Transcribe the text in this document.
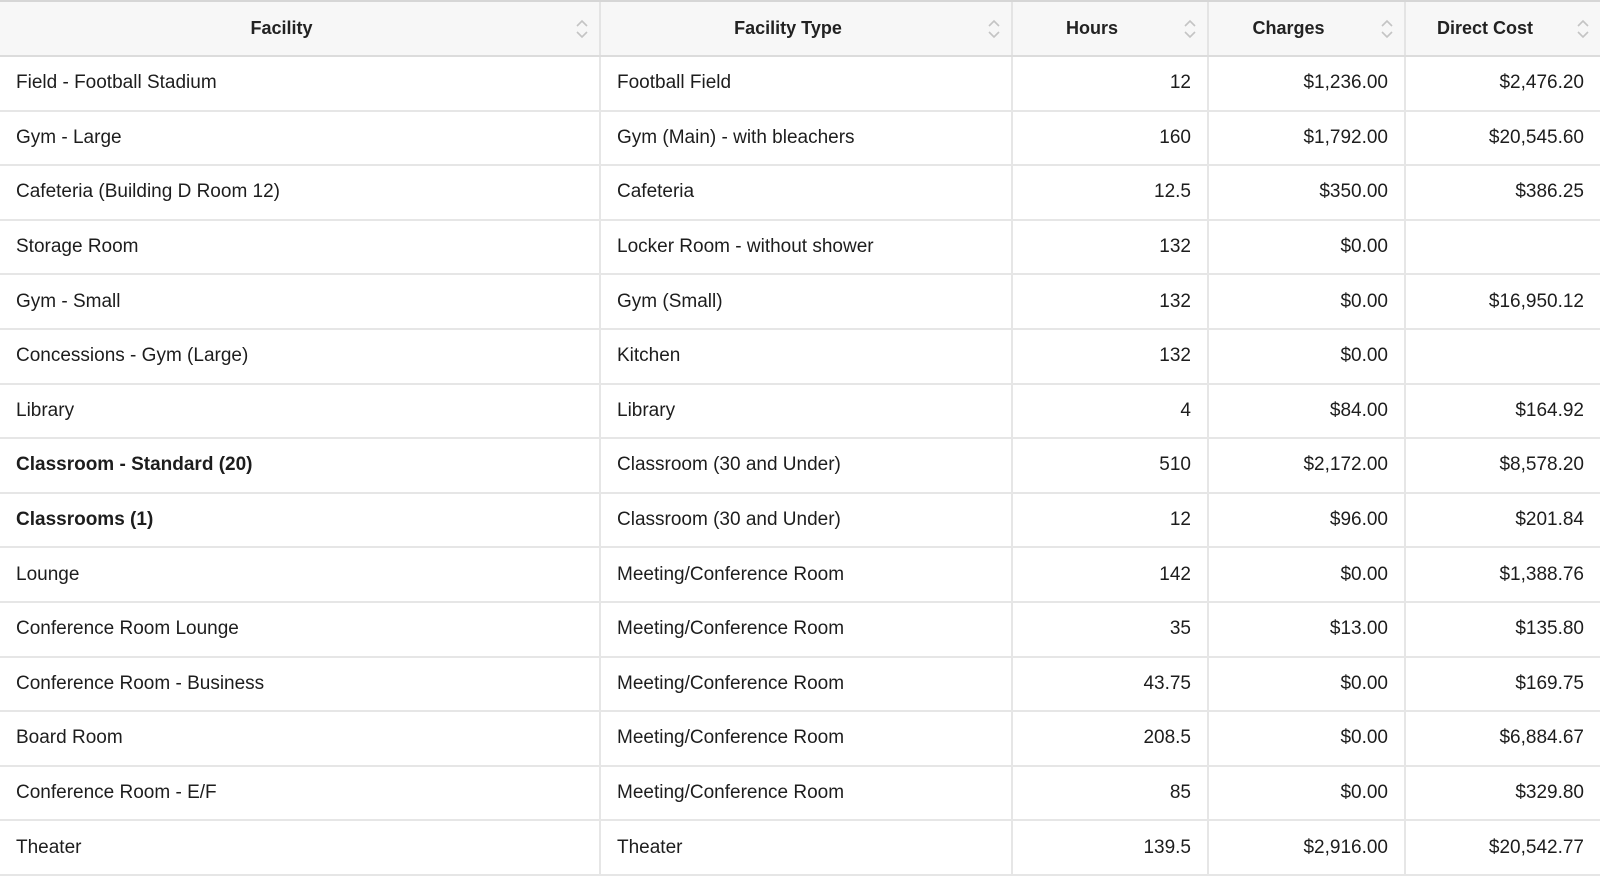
Facility	Facility Type	Hours	Charges	Direct Cost

Field - Football Stadium	Football Field	12	$1,236.00	$2,476.20
Gym - Large	Gym (Main) - with bleachers	160	$1,792.00	$20,545.60
Cafeteria (Building D Room 12)	Cafeteria	12.5	$350.00	$386.25
Storage Room	Locker Room - without shower	132	$0.00	
Gym - Small	Gym (Small)	132	$0.00	$16,950.12
Concessions - Gym (Large)	Kitchen	132	$0.00	
Library	Library	4	$84.00	$164.92
Classroom - Standard (20)	Classroom (30 and Under)	510	$2,172.00	$8,578.20
Classrooms (1)	Classroom (30 and Under)	12	$96.00	$201.84
Lounge	Meeting/Conference Room	142	$0.00	$1,388.76
Conference Room Lounge	Meeting/Conference Room	35	$13.00	$135.80
Conference Room - Business	Meeting/Conference Room	43.75	$0.00	$169.75
Board Room	Meeting/Conference Room	208.5	$0.00	$6,884.67
Conference Room - E/F	Meeting/Conference Room	85	$0.00	$329.80
Theater	Theater	139.5	$2,916.00	$20,542.77
